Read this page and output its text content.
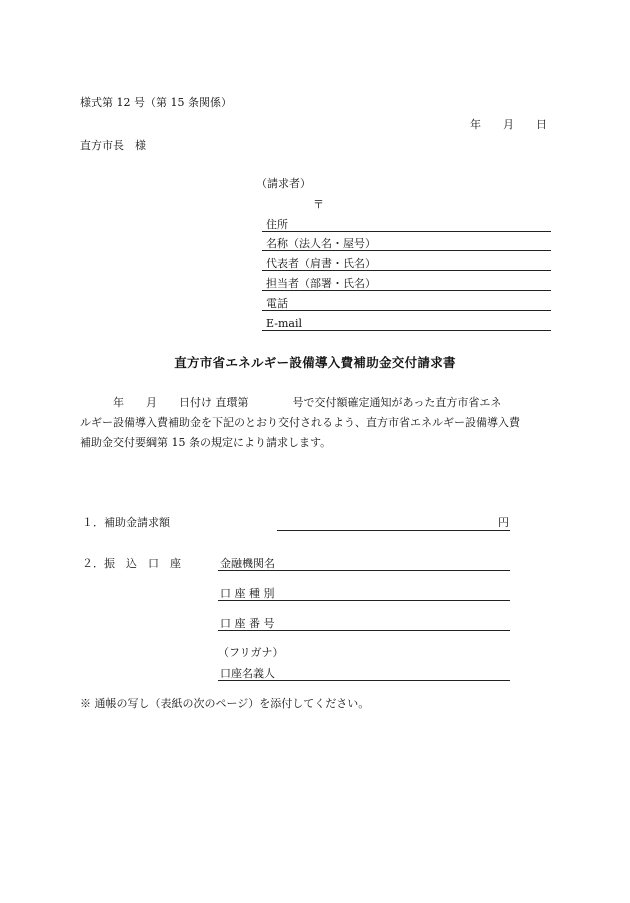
様式第 12 号（第 15 条関係）
年　　月　　日
直方市長　様
（請求者）
〒
住所
名称（法人名・屋号）
代表者（肩書・氏名）
担当者（部署・氏名）
電話
E-mail
直方市省エネルギー設備導入費補助金交付請求書
　　　年　　月　　日付け 直環第　　　　号で交付額確定通知があった直方市省エネ
ルギー設備導入費補助金を下記のとおり交付されるよう、直方市省エネルギー設備導入費
補助金交付要綱第 15 条の規定により請求します。
１．補助金請求額	円
２．振　込　口　座	金融機関名
口 座 種 別
口 座 番 号
（フリガナ）
口座名義人
※ 通帳の写し（表紙の次のページ）を添付してください。
